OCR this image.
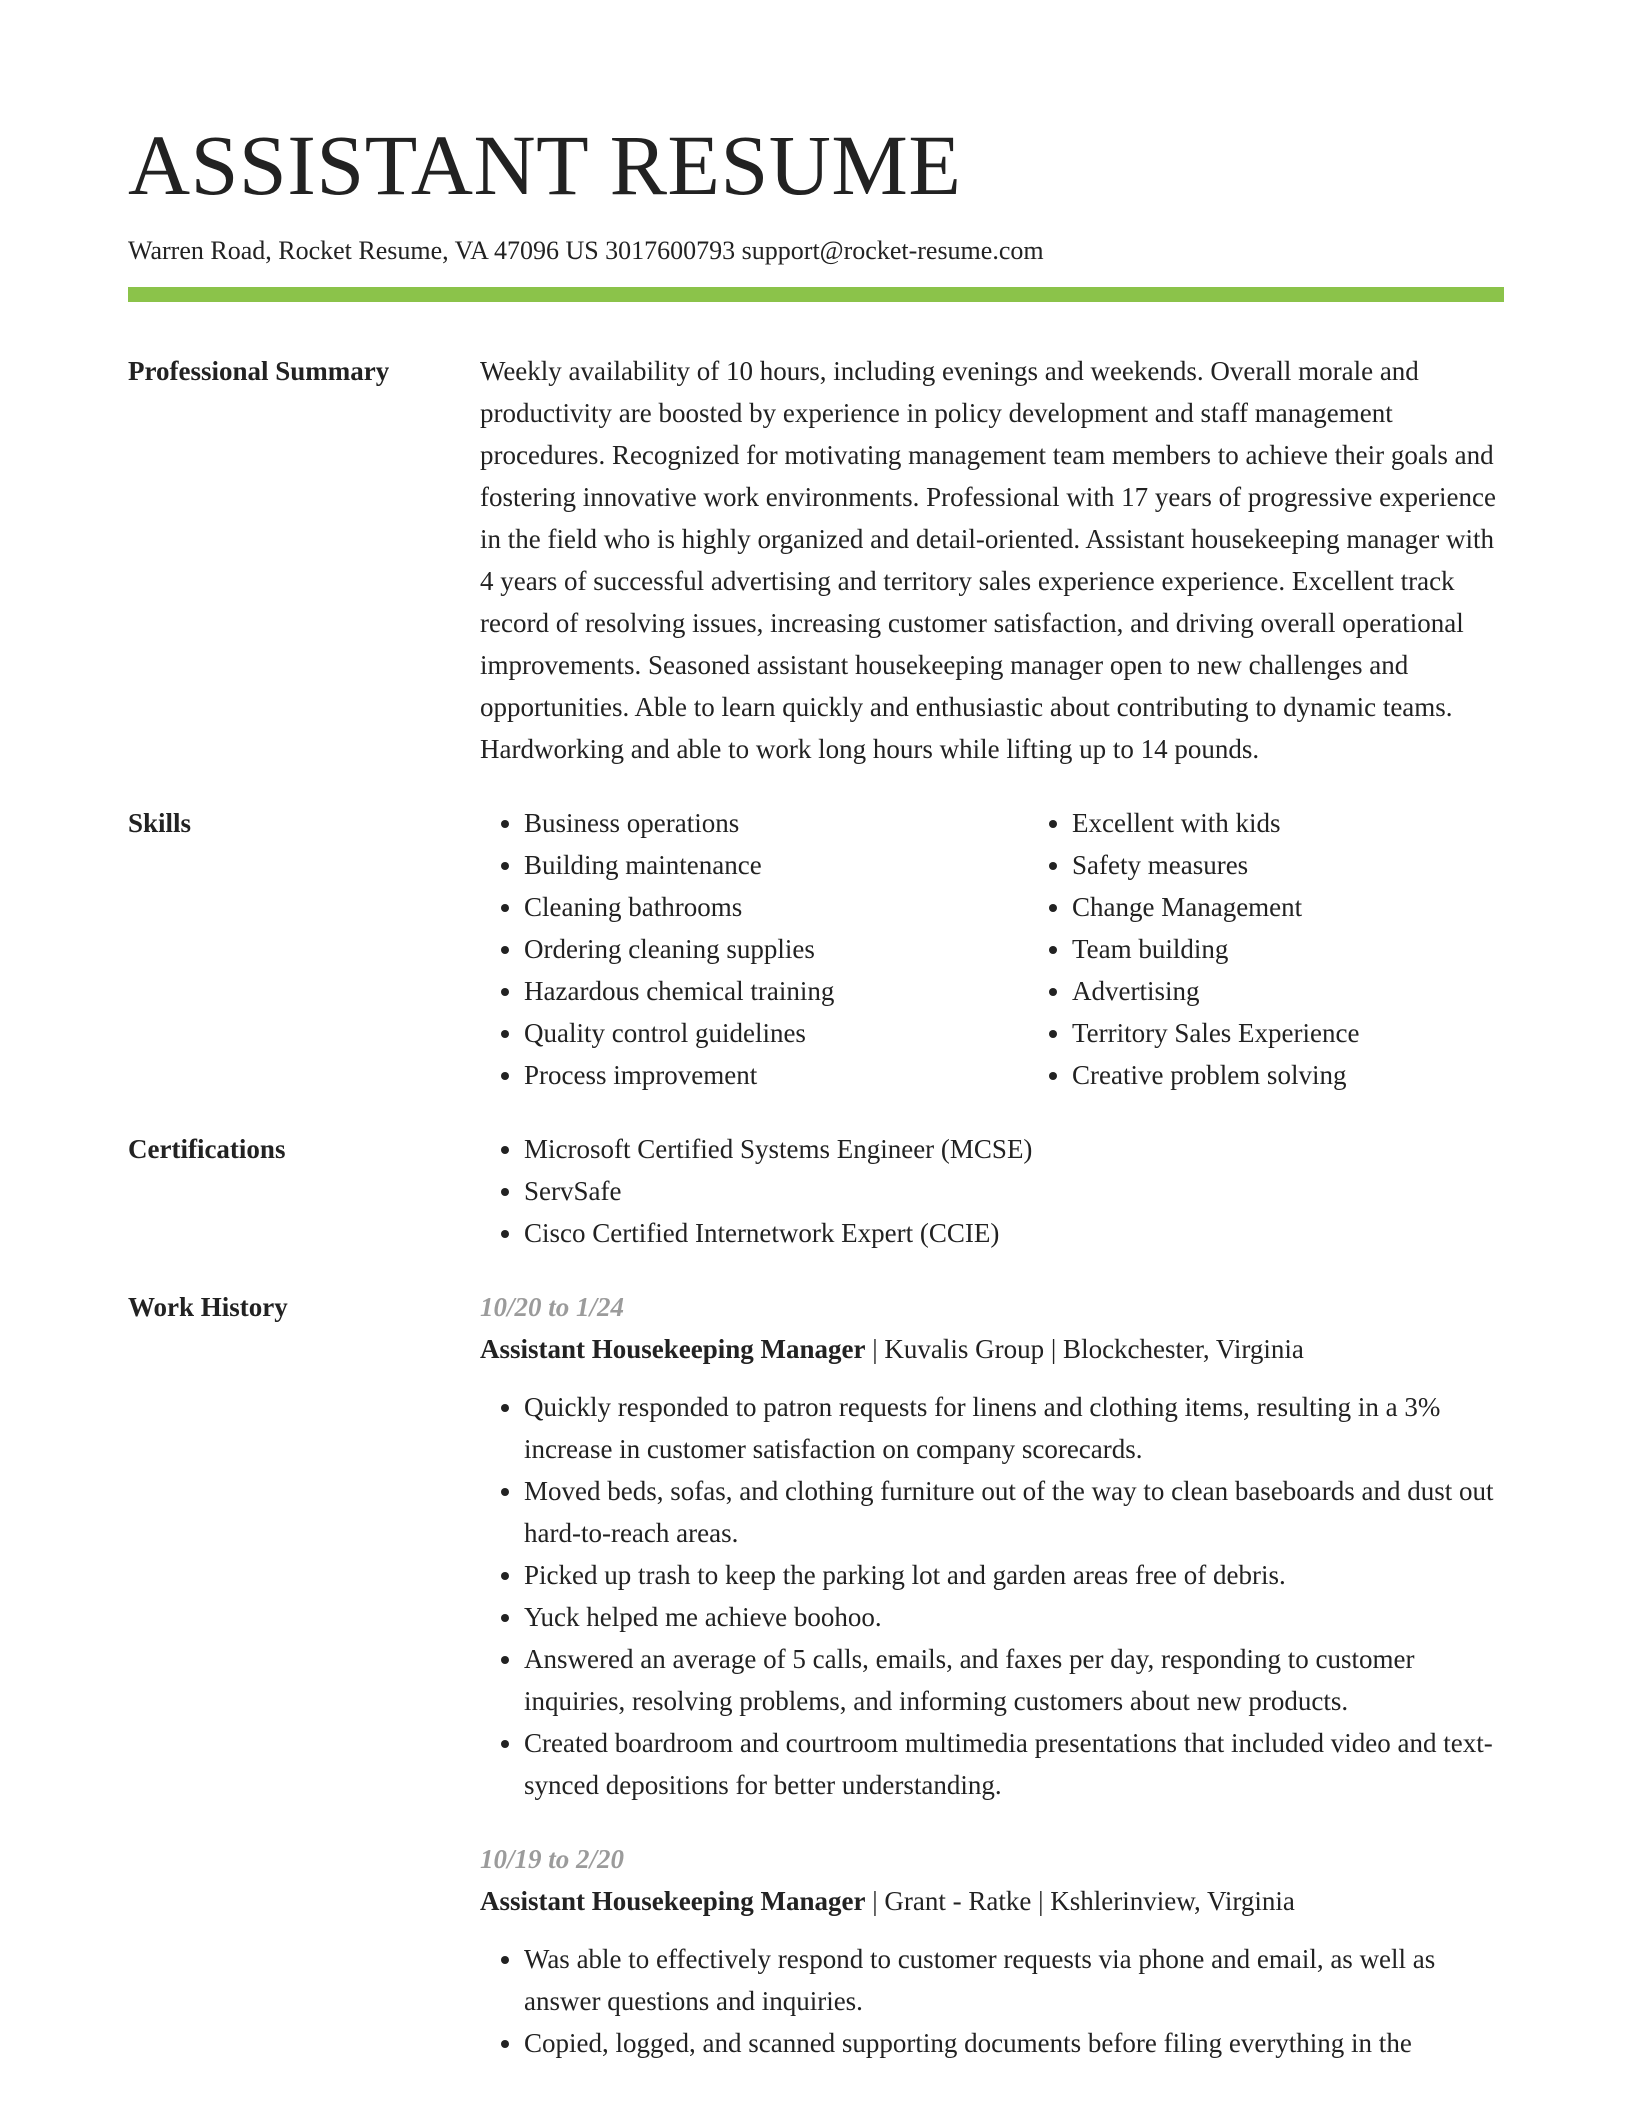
ASSISTANT RESUME
Warren Road, Rocket Resume, VA 47096 US 3017600793 support@rocket-resume.com
Professional Summary	Weekly availability of 10 hours, including evenings and weekends. Overall morale and productivity are boosted by experience in policy development and staff management procedures. Recognized for motivating management team members to achieve their goals and fostering innovative work environments. Professional with 17 years of progressive experience in the field who is highly organized and detail-oriented. Assistant housekeeping manager with 4 years of successful advertising and territory sales experience experience. Excellent track record of resolving issues, increasing customer satisfaction, and driving overall operational improvements. Seasoned assistant housekeeping manager open to new challenges and opportunities. Able to learn quickly and enthusiastic about contributing to dynamic teams. Hardworking and able to work long hours while lifting up to 14 pounds.
Skills	• Business operations
• Building maintenance
• Cleaning bathrooms
• Ordering cleaning supplies
• Hazardous chemical training
• Quality control guidelines
• Process improvement
• Excellent with kids
• Safety measures
• Change Management
• Team building
• Advertising
• Territory Sales Experience
• Creative problem solving
Certifications	• Microsoft Certified Systems Engineer (MCSE)
• ServSafe
• Cisco Certified Internetwork Expert (CCIE)
Work History	10/20 to 1/24
Assistant Housekeeping Manager | Kuvalis Group | Blockchester, Virginia
• Quickly responded to patron requests for linens and clothing items, resulting in a 3% increase in customer satisfaction on company scorecards.
• Moved beds, sofas, and clothing furniture out of the way to clean baseboards and dust out hard-to-reach areas.
• Picked up trash to keep the parking lot and garden areas free of debris.
• Yuck helped me achieve boohoo.
• Answered an average of 5 calls, emails, and faxes per day, responding to customer inquiries, resolving problems, and informing customers about new products.
• Created boardroom and courtroom multimedia presentations that included video and text-synced depositions for better understanding.
10/19 to 2/20
Assistant Housekeeping Manager | Grant - Ratke | Kshlerinview, Virginia
• Was able to effectively respond to customer requests via phone and email, as well as answer questions and inquiries.
• Copied, logged, and scanned supporting documents before filing everything in the
